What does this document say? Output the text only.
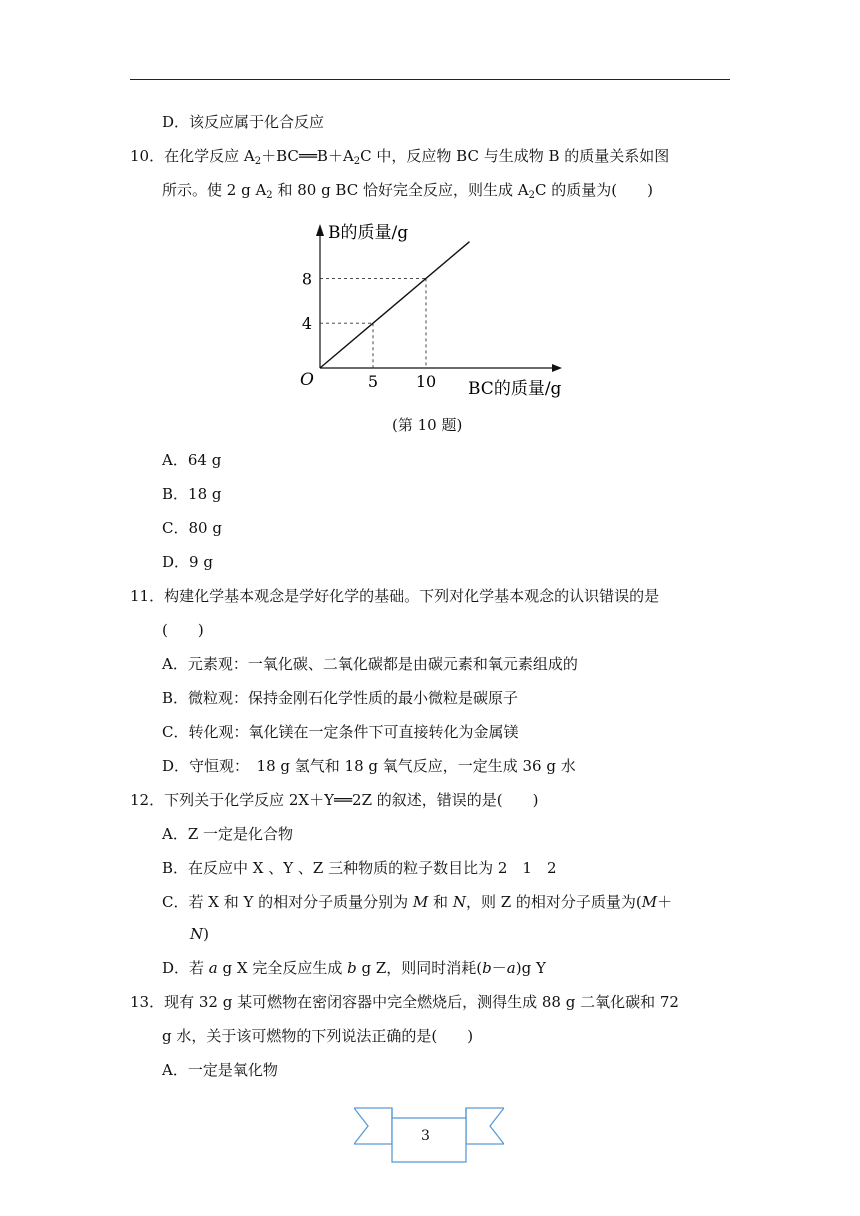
D．该反应属于化合反应
10．在化学反应 $A_2+BC══B+A_2C$ 中，反应物 BC 与生成物 B 的质量关系如图
所示。使 2 g $A_2$ 和 80 g BC 恰好完全反应，则生成 $A_2C$ 的质量为(　　)
5 10
4
8
O
B的质量/g
BC的质量/g
(第 10 题)
A．64 g
B．18 g
C．80 g
D．9 g
11．构建化学基本观念是学好化学的基础。下列对化学基本观念的认识错误的是
(　　)
A．元素观：一氧化碳、二氧化碳都是由碳元素和氧元素组成的
B．微粒观：保持金刚石化学性质的最小微粒是碳原子
C．转化观：氧化镁在一定条件下可直接转化为金属镁
D．守恒观：　18 g 氢气和 18 g 氧气反应，一定生成 36 g 水
12．下列关于化学反应 2X＋Y══2Z 的叙述，错误的是(　　)
A．Z 一定是化合物
B．在反应中 X 、Y 、Z 三种物质的粒子数目比为 2　1　2
C．若 X 和 Y 的相对分子质量分别为 M 和 N，则 Z 的相对分子质量为(M＋
N)
D．若 a g X 完全反应生成 b g Z，则同时消耗(b－a)g Y
13．现有 32 g 某可燃物在密闭容器中完全燃烧后，测得生成 88 g 二氧化碳和 72
g 水，关于该可燃物的下列说法正确的是(　　)
A．一定是氧化物
3
